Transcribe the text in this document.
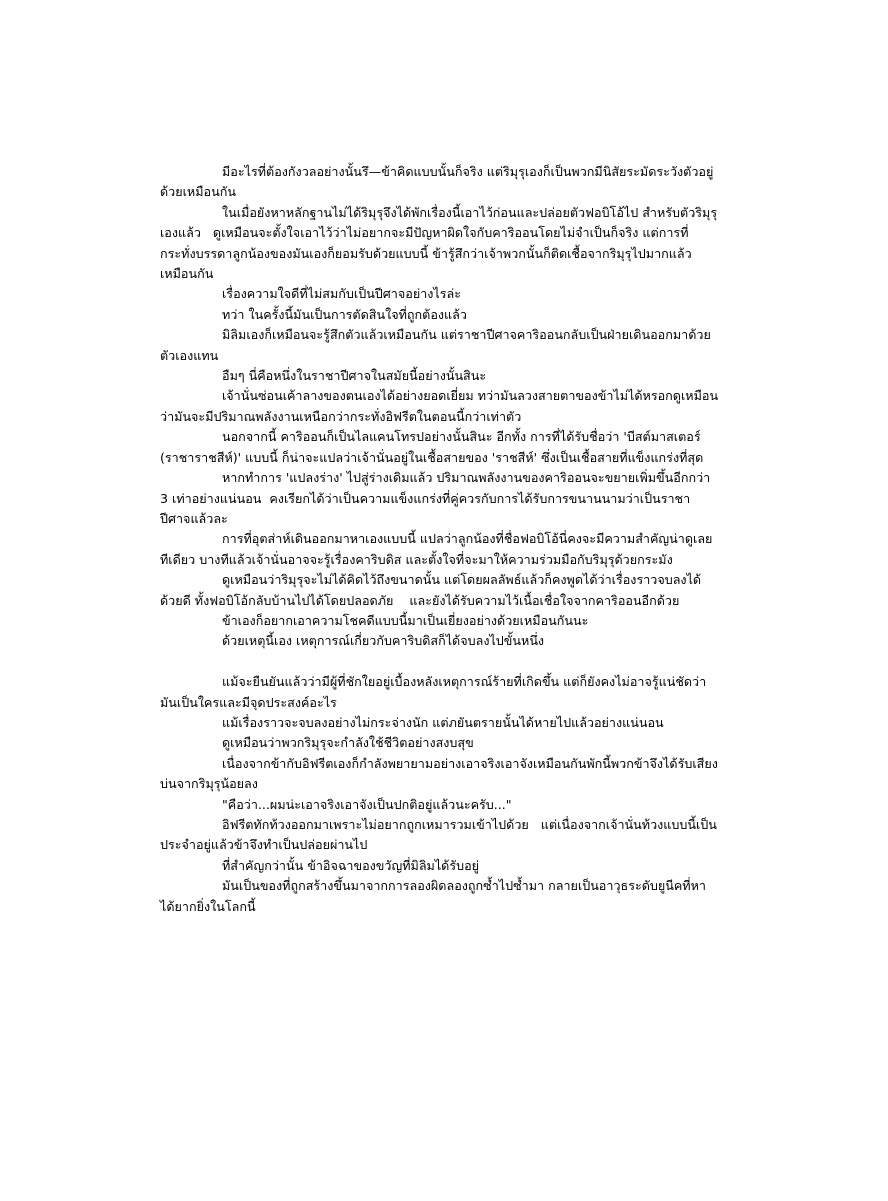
มีอะไรที่ต้องกังวลอย่างนั้นรึ—ข้าคิดแบบนั้นก็จริง แต่ริมุรุเองก็เป็นพวกมีนิสัยระมัดระวังตัวอยู่ด้วยเหมือนกัน

ในเมื่อยังหาหลักฐานไม่ได้ริมุรุจึงได้พักเรื่องนี้เอาไว้ก่อนและปล่อยตัวฟอบิโอ้ไป สำหรับตัวริมุรุเองแล้ว   ดูเหมือนจะตั้งใจเอาไว้ว่าไม่อยากจะมีปัญหาผิดใจกับคาริออนโดยไม่จำเป็นก็จริง แต่การที่กระทั่งบรรดาลูกน้องของมันเองก็ยอมรับด้วยแบบนี้ ข้ารู้สึกว่าเจ้าพวกนั้นก็ติดเชื้อจากริมุรุไปมากแล้วเหมือนกัน

เรื่องความใจดีที่ไม่สมกับเป็นปีศาจอย่างไรล่ะ

ทว่า ในครั้งนี้มันเป็นการตัดสินใจที่ถูกต้องแล้ว

มิลิมเองก็เหมือนจะรู้สึกตัวแล้วเหมือนกัน แต่ราชาปีศาจคาริออนกลับเป็นฝ่ายเดินออกมาด้วยตัวเองแทน

อืมๆ นี่คือหนึ่งในราชาปีศาจในสมัยนี้อย่างนั้นสินะ

เจ้านั่นซ่อนเค้าลางของตนเองได้อย่างยอดเยี่ยม ทว่ามันลวงสายตาของข้าไม่ได้หรอกดูเหมือนว่ามันจะมีปริมาณพลังงานเหนือกว่ากระทั่งอิฟรีตในตอนนี้กว่าเท่าตัว

นอกจากนี้ คาริออนก็เป็นไลแคนโทรปอย่างนั้นสินะ อีกทั้ง การที่ได้รับชื่อว่า 'บีสต์มาสเตอร์ (ราชาราชสีห์)' แบบนี้ ก็น่าจะแปลว่าเจ้านั่นอยู่ในเชื้อสายของ 'ราชสีห์' ซึ่งเป็นเชื้อสายที่แข็งแกร่งที่สุด

หากทำการ 'แปลงร่าง' ไปสู่ร่างเดิมแล้ว ปริมาณพลังงานของคาริออนจะขยายเพิ่มขึ้นอีกกว่า 3 เท่าอย่างแน่นอน  คงเรียกได้ว่าเป็นความแข็งแกร่งที่คู่ควรกับการได้รับการขนานนามว่าเป็นราชาปีศาจแล้วละ

การที่อุตส่าห์เดินออกมาหาเองแบบนี้ แปลว่าลูกน้องที่ชื่อฟอบิโอ้นี่คงจะมีความสำคัญน่าดูเลยทีเดียว บางทีแล้วเจ้านั่นอาจจะรู้เรื่องคาริบดิส และตั้งใจที่จะมาให้ความร่วมมือกับริมุรุด้วยกระมัง

ดูเหมือนว่าริมุรุจะไม่ได้คิดไว้ถึงขนาดนั้น แต่โดยผลลัพธ์แล้วก็คงพูดได้ว่าเรื่องราวจบลงได้ด้วยดี ทั้งฟอบิโอ้กลับบ้านไปได้โดยปลอดภัย    และยังได้รับความไว้เนื้อเชื่อใจจากคาริออนอีกด้วย

ข้าเองก็อยากเอาความโชคดีแบบนี้มาเป็นเยี่ยงอย่างด้วยเหมือนกันนะ

ด้วยเหตุนี้เอง เหตุการณ์เกี่ยวกับคาริบดิสก็ได้จบลงไปขั้นหนึ่ง

แม้จะยืนยันแล้วว่ามีผู้ที่ชักใยอยู่เบื้องหลังเหตุการณ์ร้ายที่เกิดขึ้น แต่ก็ยังคงไม่อาจรู้แน่ชัดว่ามันเป็นใครและมีจุดประสงค์อะไร

แม้เรื่องราวจะจบลงอย่างไม่กระจ่างนัก แต่ภยันตรายนั้นได้หายไปแล้วอย่างแน่นอน

ดูเหมือนว่าพวกริมุรุจะกำลังใช้ชีวิตอย่างสงบสุข

เนื่องจากข้ากับอิฟรีตเองก็กำลังพยายามอย่างเอาจริงเอาจังเหมือนกันพักนี้พวกข้าจึงได้รับเสียงบ่นจากริมุรุน้อยลง

"คือว่า...ผมน่ะเอาจริงเอาจังเป็นปกติอยู่แล้วนะครับ..."

อิฟรีตทักท้วงออกมาเพราะไม่อยากถูกเหมารวมเข้าไปด้วย   แต่เนื่องจากเจ้านั่นท้วงแบบนี้เป็นประจำอยู่แล้วข้าจึงทำเป็นปล่อยผ่านไป

ที่สำคัญกว่านั้น ข้าอิจฉาของขวัญที่มิลิมได้รับอยู่

มันเป็นของที่ถูกสร้างขึ้นมาจากการลองผิดลองถูกซ้ำไปซ้ำมา กลายเป็นอาวุธระดับยูนีคที่หาได้ยากยิ่งในโลกนี้
